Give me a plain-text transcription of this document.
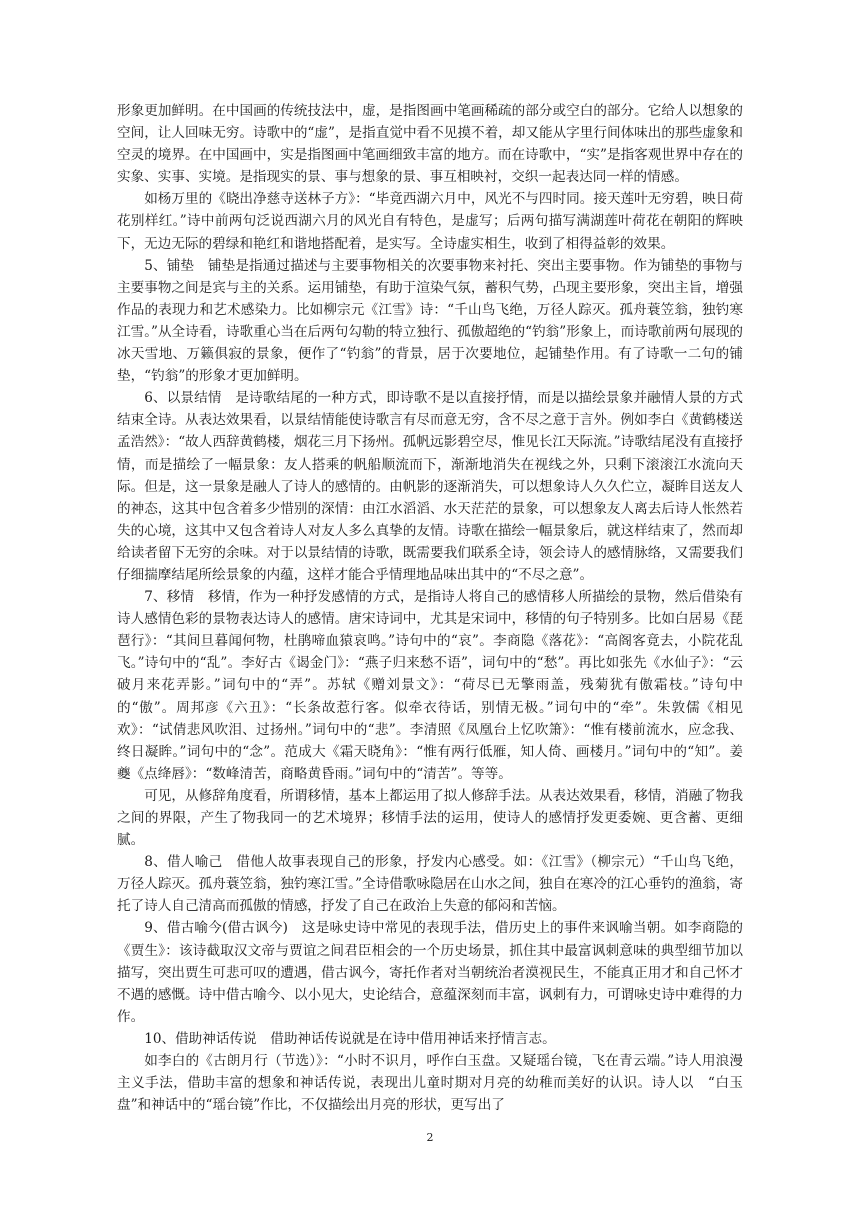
形象更加鲜明。在中国画的传统技法中，虚，是指图画中笔画稀疏的部分或空白的部分。它给人以想象的空间，让人回味无穷。诗歌中的“虚”，是指直觉中看不见摸不着，却又能从字里行间体味出的那些虚象和空灵的境界。在中国画中，实是指图画中笔画细致丰富的地方。而在诗歌中，“实”是指客观世界中存在的实象、实事、实境。是指现实的景、事与想象的景、事互相映衬，交织一起表达同一样的情感。

如杨万里的《晓出净慈寺送林子方》：“毕竟西湖六月中，风光不与四时同。接天莲叶无穷碧，映日荷花别样红。”诗中前两句泛说西湖六月的风光自有特色，是虚写；后两句描写满湖莲叶荷花在朝阳的辉映下，无边无际的碧绿和艳红和谐地搭配着，是实写。全诗虚实相生，收到了相得益彰的效果。

5、铺垫　铺垫是指通过描述与主要事物相关的次要事物来衬托、突出主要事物。作为铺垫的事物与主要事物之间是宾与主的关系。运用铺垫，有助于渲染气氛，蓄积气势，凸现主要形象，突出主旨，增强作品的表现力和艺术感染力。比如柳宗元《江雪》诗：“千山鸟飞绝，万径人踪灭。孤舟蓑笠翁，独钓寒江雪。”从全诗看，诗歌重心当在后两句勾勒的特立独行、孤傲超绝的“钓翁”形象上，而诗歌前两句展现的冰天雪地、万籁俱寂的景象，便作了“钓翁”的背景，居于次要地位，起铺垫作用。有了诗歌一二句的铺垫，“钓翁”的形象才更加鲜明。

6、以景结情　是诗歌结尾的一种方式，即诗歌不是以直接抒情，而是以描绘景象并融情人景的方式结束全诗。从表达效果看，以景结情能使诗歌言有尽而意无穷，含不尽之意于言外。例如李白《黄鹤楼送孟浩然》：“故人西辞黄鹤楼，烟花三月下扬州。孤帆远影碧空尽，惟见长江天际流。”诗歌结尾没有直接抒情，而是描绘了一幅景象：友人搭乘的帆船顺流而下，渐渐地消失在视线之外，只剩下滚滚江水流向天际。但是，这一景象是融人了诗人的感情的。由帆影的逐渐消失，可以想象诗人久久伫立，凝眸目送友人的神态，这其中包含着多少惜别的深情：由江水滔滔、水天茫茫的景象，可以想象友人离去后诗人怅然若失的心境，这其中又包含着诗人对友人多么真挚的友情。诗歌在描绘一幅景象后，就这样结束了，然而却给读者留下无穷的余味。对于以景结情的诗歌，既需要我们联系全诗，领会诗人的感情脉络，又需要我们仔细揣摩结尾所绘景象的内蕴，这样才能合乎情理地品味出其中的“不尽之意”。

7、移情　移情，作为一种抒发感情的方式，是指诗人将自己的感情移人所描绘的景物，然后借染有诗人感情色彩的景物表达诗人的感情。唐宋诗词中，尤其是宋词中，移情的句子特别多。比如白居易《琵琶行》：“其间旦暮闻何物，杜鹃啼血猿哀鸣。”诗句中的“哀”。李商隐《落花》：“高阁客竟去，小院花乱飞。”诗句中的“乱”。李好古《谒金门》：“燕子归来愁不语”，词句中的“愁”。再比如张先《水仙子》：“云破月来花弄影。”词句中的“弄”。苏轼《赠刘景文》：“荷尽已无擎雨盖，残菊犹有傲霜枝。”诗句中的“傲”。周邦彦《六丑》：“长条故惹行客。似牵衣待话，别情无极。”词句中的“牵”。朱敦儒《相见欢》：“试倩悲风吹泪、过扬州。”词句中的“悲”。李清照《凤凰台上忆吹箫》：“惟有楼前流水，应念我、终日凝眸。”词句中的“念”。范成大《霜天晓角》：“惟有两行低雁，知人倚、画楼月。”词句中的“知”。姜夔《点绛唇》：“数峰清苦，商略黄昏雨。”词句中的“清苦”。等等。

可见，从修辞角度看，所谓移情，基本上都运用了拟人修辞手法。从表达效果看，移情，消融了物我之间的界限，产生了物我同一的艺术境界；移情手法的运用，使诗人的感情抒发更委婉、更含蓄、更细腻。

8、借人喻己　借他人故事表现自己的形象，抒发内心感受。如：《江雪》（柳宗元）“千山鸟飞绝，万径人踪灭。孤舟蓑笠翁，独钓寒江雪。”全诗借歌咏隐居在山水之间，独自在寒冷的江心垂钓的渔翁，寄托了诗人自己清高而孤傲的情感，抒发了自己在政治上失意的郁闷和苦恼。

9、借古喻今(借古讽今)　这是咏史诗中常见的表现手法，借历史上的事件来讽喻当朝。如李商隐的《贾生》：该诗截取汉文帝与贾谊之间君臣相会的一个历史场景，抓住其中最富讽刺意味的典型细节加以描写，突出贾生可悲可叹的遭遇，借古讽今，寄托作者对当朝统治者漠视民生，不能真正用才和自己怀才不遇的感慨。诗中借古喻今、以小见大，史论结合，意蕴深刻而丰富，讽刺有力，可谓咏史诗中难得的力作。

10、借助神话传说　借助神话传说就是在诗中借用神话来抒情言志。

如李白的《古朗月行（节选）》：“小时不识月，呼作白玉盘。又疑瑶台镜，飞在青云端。”诗人用浪漫主义手法，借助丰富的想象和神话传说，表现出儿童时期对月亮的幼稚而美好的认识。诗人以　“白玉盘”和神话中的“瑶台镜”作比，不仅描绘出月亮的形状，更写出了

2
